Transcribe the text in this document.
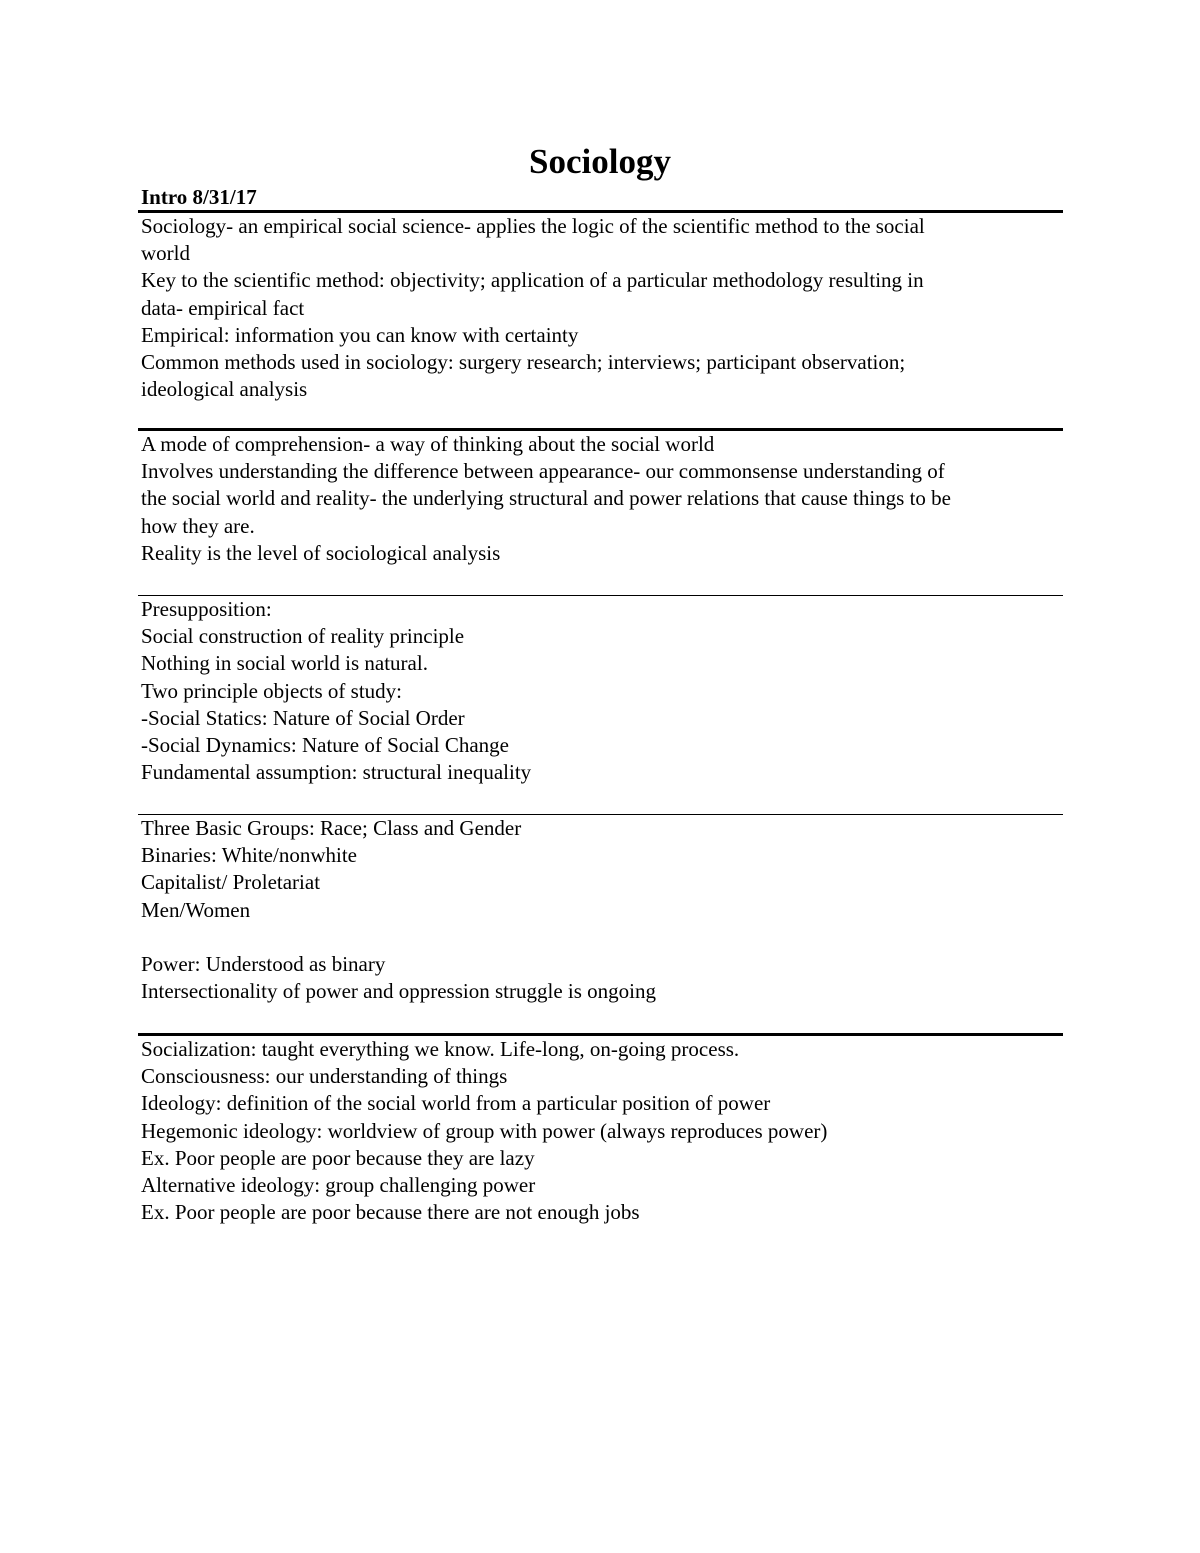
Sociology
Intro 8/31/17
Sociology- an empirical social science- applies the logic of the scientific method to the social
world
Key to the scientific method: objectivity; application of a particular methodology resulting in
data- empirical fact
Empirical: information you can know with certainty
Common methods used in sociology: surgery research; interviews; participant observation;
ideological analysis
A mode of comprehension- a way of thinking about the social world
Involves understanding the difference between appearance- our commonsense understanding of
the social world and reality- the underlying structural and power relations that cause things to be
how they are.
Reality is the level of sociological analysis
Presupposition:
Social construction of reality principle
Nothing in social world is natural.
Two principle objects of study:
-Social Statics: Nature of Social Order
-Social Dynamics: Nature of Social Change
Fundamental assumption: structural inequality
Three Basic Groups: Race; Class and Gender
Binaries: White/nonwhite
Capitalist/ Proletariat
Men/Women
Power: Understood as binary
Intersectionality of power and oppression struggle is ongoing
Socialization: taught everything we know. Life-long, on-going process.
Consciousness: our understanding of things
Ideology: definition of the social world from a particular position of power
Hegemonic ideology: worldview of group with power (always reproduces power)
Ex. Poor people are poor because they are lazy
Alternative ideology: group challenging power
Ex. Poor people are poor because there are not enough jobs
